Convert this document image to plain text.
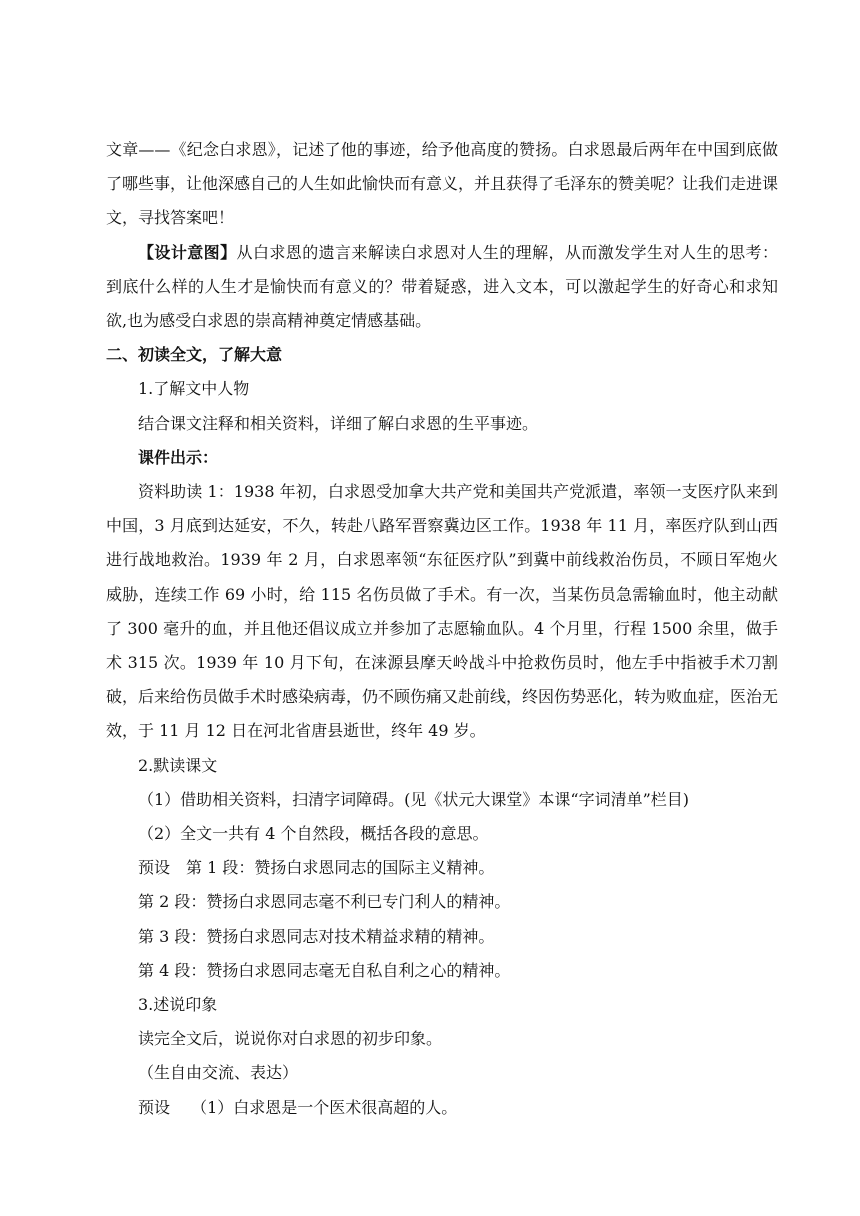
文章——《纪念白求恩》，记述了他的事迹，给予他高度的赞扬。白求恩最后两年在中国到底做了哪些事，让他深感自己的人生如此愉快而有意义，并且获得了毛泽东的赞美呢？让我们走进课文，寻找答案吧！

【设计意图】从白求恩的遗言来解读白求恩对人生的理解，从而激发学生对人生的思考：到底什么样的人生才是愉快而有意义的？带着疑惑，进入文本，可以激起学生的好奇心和求知欲,也为感受白求恩的崇高精神奠定情感基础。

二、初读全文，了解大意

1.了解文中人物

结合课文注释和相关资料，详细了解白求恩的生平事迹。

课件出示：

资料助读 1：1938 年初，白求恩受加拿大共产党和美国共产党派遣，率领一支医疗队来到中国，3 月底到达延安，不久，转赴八路军晋察冀边区工作。1938 年 11 月，率医疗队到山西进行战地救治。1939 年 2 月，白求恩率领“东征医疗队”到冀中前线救治伤员，不顾日军炮火威胁，连续工作 69 小时，给 115 名伤员做了手术。有一次，当某伤员急需输血时，他主动献了 300 毫升的血，并且他还倡议成立并参加了志愿输血队。4 个月里，行程 1500 余里，做手术 315 次。1939 年 10 月下旬，在涞源县摩天岭战斗中抢救伤员时，他左手中指被手术刀割破，后来给伤员做手术时感染病毒，仍不顾伤痛又赴前线，终因伤势恶化，转为败血症，医治无效，于 11 月 12 日在河北省唐县逝世，终年 49 岁。

2.默读课文

（1）借助相关资料，扫清字词障碍。(见《状元大课堂》本课“字词清单”栏目)

（2）全文一共有 4 个自然段，概括各段的意思。

预设　第 1 段：赞扬白求恩同志的国际主义精神。

第 2 段：赞扬白求恩同志毫不利已专门利人的精神。

第 3 段：赞扬白求恩同志对技术精益求精的精神。

第 4 段：赞扬白求恩同志毫无自私自利之心的精神。

3.述说印象

读完全文后，说说你对白求恩的初步印象。

（生自由交流、表达）

预设　 （1）白求恩是一个医术很高超的人。
